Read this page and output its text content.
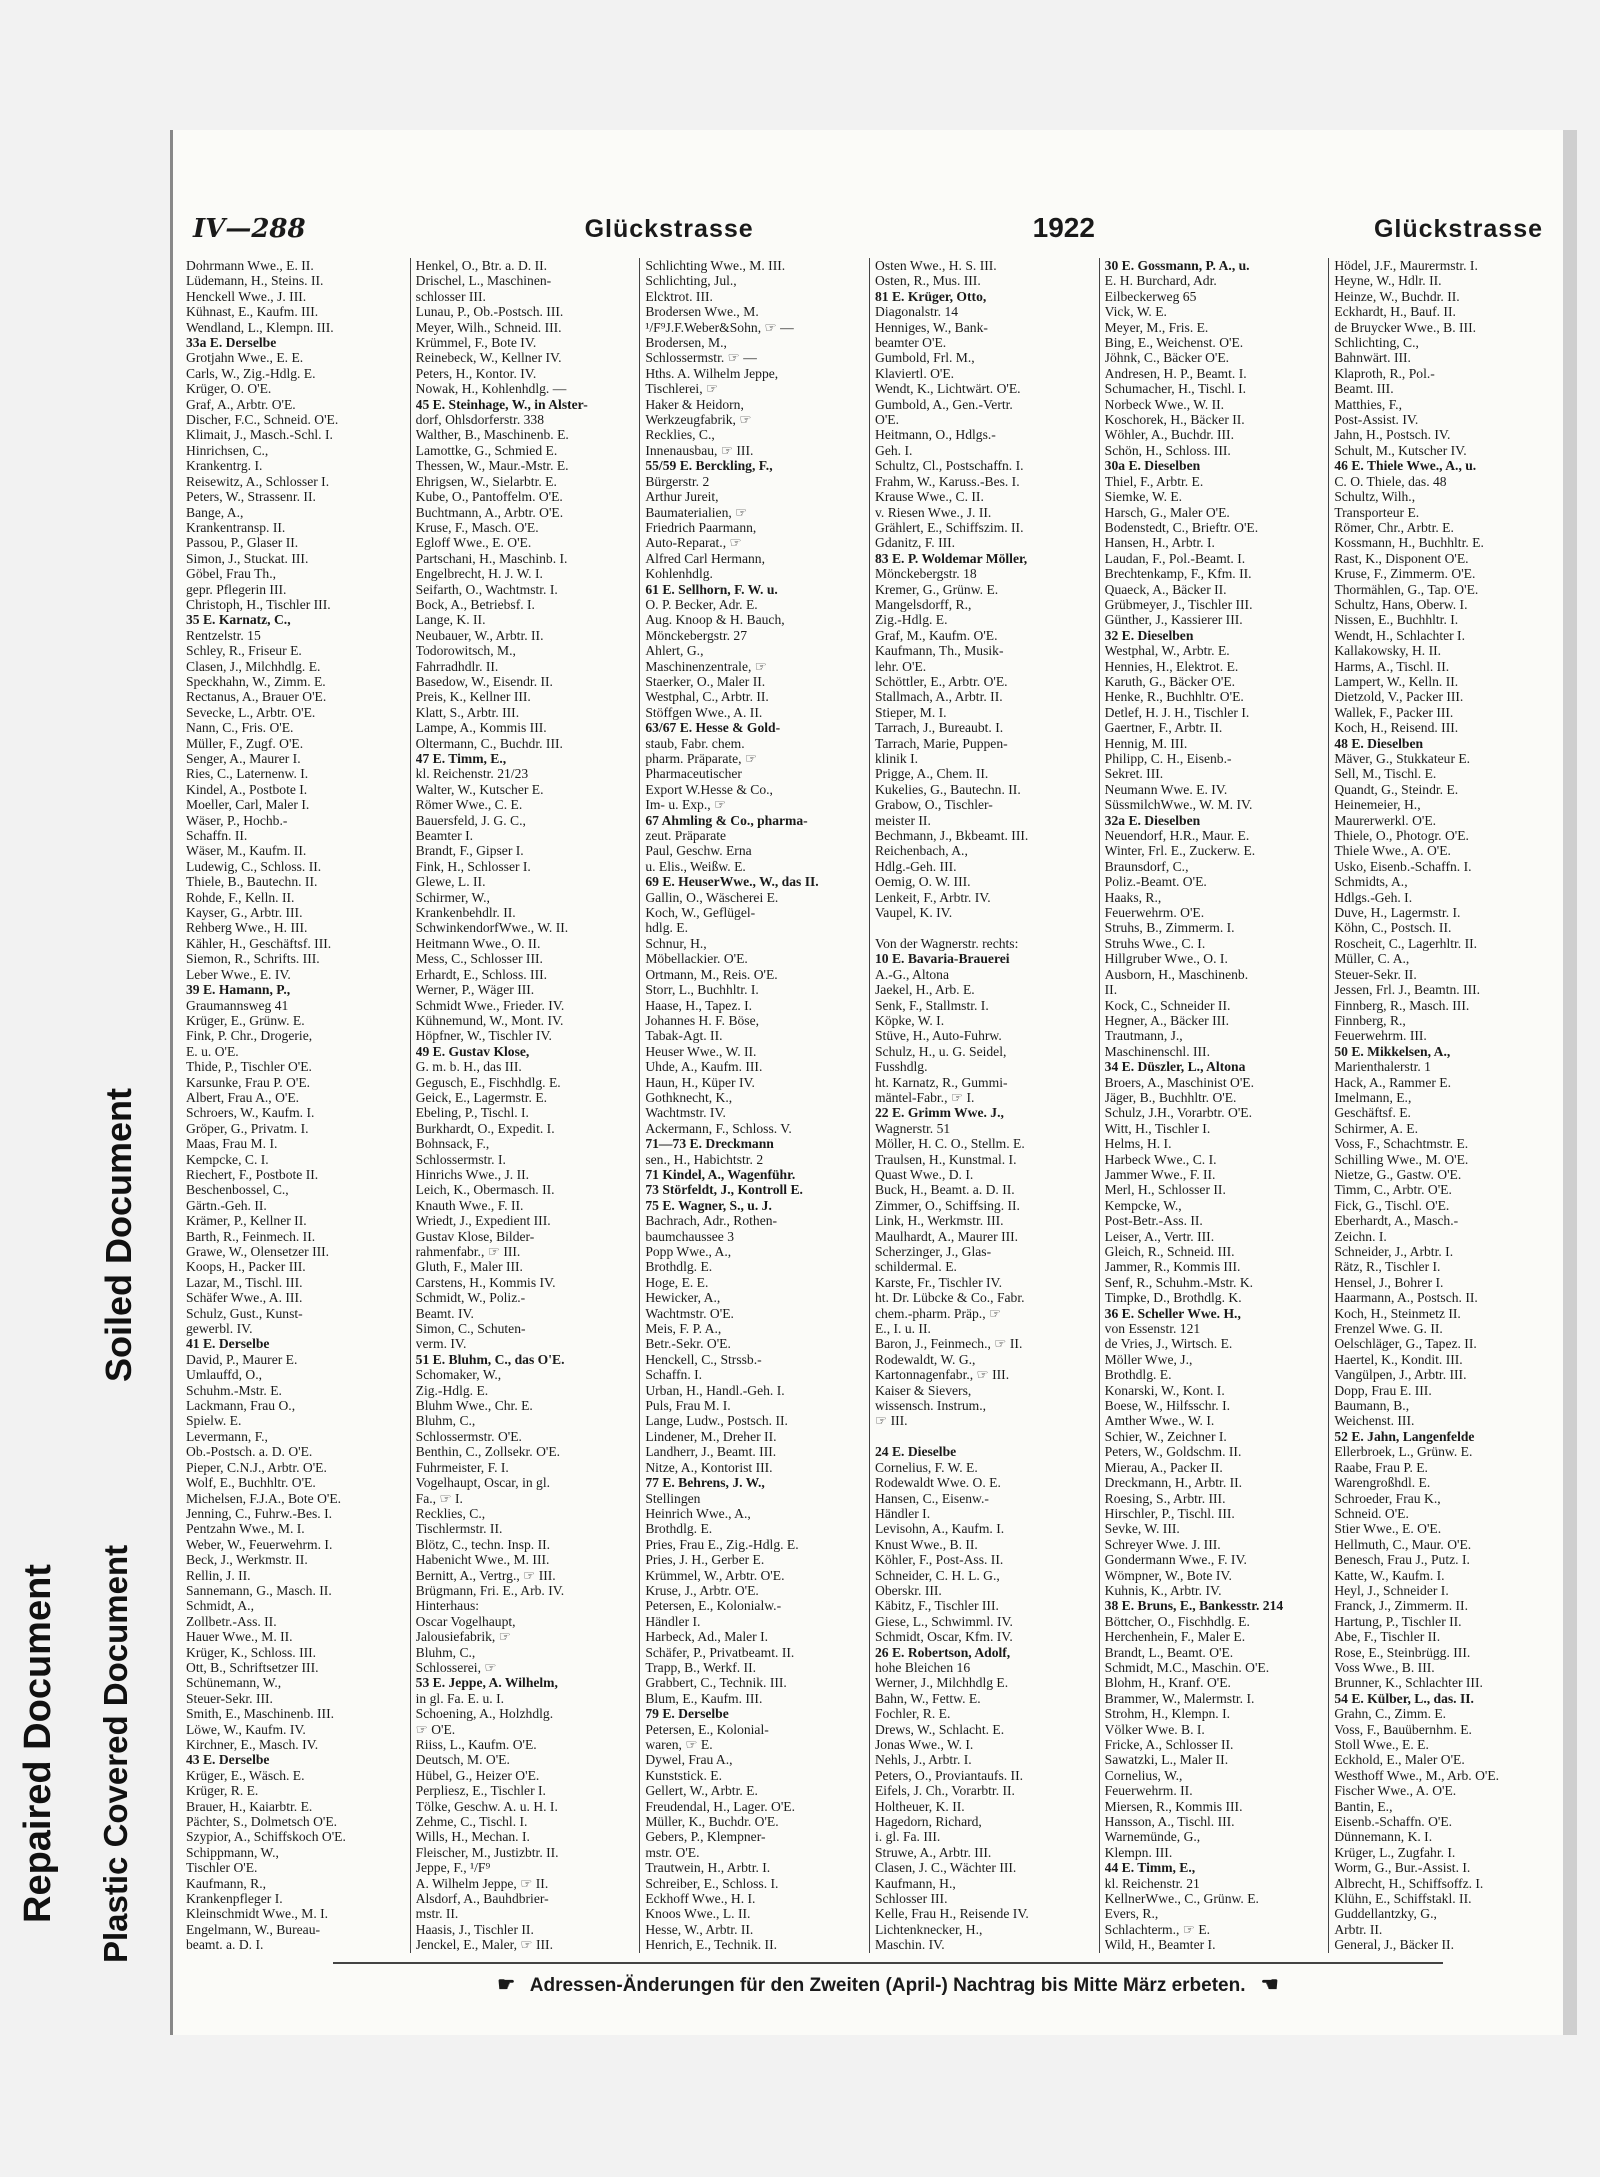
Repaired Document
Soiled Document
Plastic Covered Document
IV—288	Glückstrasse	1922	Glückstrasse
Dohrmann Wwe., E. II.
Lüdemann, H., Steins. II.
Henckell Wwe., J. III.
Kühnast, E., Kaufm. III.
Wendland, L., Klempn. III.
33a E. Derselbe
Grotjahn Wwe., E. E.
Carls, W., Zig.-Hdlg. E.
Krüger, O. O'E.
Graf, A., Arbtr. O'E.
Discher, F.C., Schneid. O'E.
Klimait, J., Masch.-Schl. I.
Hinrichsen, C.,
Krankentrg. I.
Reisewitz, A., Schlosser I.
Peters, W., Strassenr. II.
Bange, A.,
Krankentransp. II.
Passou, P., Glaser II.
Simon, J., Stuckat. III.
Göbel, Frau Th.,
gepr. Pflegerin III.
Christoph, H., Tischler III.
35 E. Karnatz, C.,
Rentzelstr. 15
Schley, R., Friseur E.
Clasen, J., Milchhdlg. E.
Speckhahn, W., Zimm. E.
Rectanus, A., Brauer O'E.
Sevecke, L., Arbtr. O'E.
Nann, C., Fris. O'E.
Müller, F., Zugf. O'E.
Senger, A., Maurer I.
Ries, C., Laternenw. I.
Kindel, A., Postbote I.
Moeller, Carl, Maler I.
Wäser, P., Hochb.-
Schaffn. II.
Wäser, M., Kaufm. II.
Ludewig, C., Schloss. II.
Thiele, B., Bautechn. II.
Rohde, F., Kelln. II.
Kayser, G., Arbtr. III.
Rehberg Wwe., H. III.
Kähler, H., Geschäftsf. III.
Siemon, R., Schrifts. III.
Leber Wwe., E. IV.
39 E. Hamann, P.,
Graumannsweg 41
Krüger, E., Grünw. E.
Fink, P. Chr., Drogerie,
E. u. O'E.
Thide, P., Tischler O'E.
Karsunke, Frau P. O'E.
Albert, Frau A., O'E.
Schroers, W., Kaufm. I.
Gröper, G., Privatm. I.
Maas, Frau M. I.
Kempcke, C. I.
Riechert, F., Postbote II.
Beschenbossel, C.,
Gärtn.-Geh. II.
Krämer, P., Kellner II.
Barth, R., Feinmech. II.
Grawe, W., Olensetzer III.
Koops, H., Packer III.
Lazar, M., Tischl. III.
Schäfer Wwe., A. III.
Schulz, Gust., Kunst-
gewerbl. IV.
41 E. Derselbe
David, P., Maurer E.
Umlauffd, O.,
Schuhm.-Mstr. E.
Lackmann, Frau O.,
Spielw. E.
Levermann, F.,
Ob.-Postsch. a. D. O'E.
Pieper, C.N.J., Arbtr. O'E.
Wolf, E., Buchhltr. O'E.
Michelsen, F.J.A., Bote O'E.
Jenning, C., Fuhrw.-Bes. I.
Pentzahn Wwe., M. I.
Weber, W., Feuerwehrm. I.
Beck, J., Werkmstr. II.
Rellin, J. II.
Sannemann, G., Masch. II.
Schmidt, A.,
Zollbetr.-Ass. II.
Hauer Wwe., M. II.
Krüger, K., Schloss. III.
Ott, B., Schriftsetzer III.
Schünemann, W.,
Steuer-Sekr. III.
Smith, E., Maschinenb. III.
Löwe, W., Kaufm. IV.
Kirchner, E., Masch. IV.
43 E. Derselbe
Krüger, E., Wäsch. E.
Krüger, R. E.
Brauer, H., Kaiarbtr. E.
Pächter, S., Dolmetsch O'E.
Szypior, A., Schiffskoch O'E.
Schippmann, W.,
Tischler O'E.
Kaufmann, R.,
Krankenpfleger I.
Kleinschmidt Wwe., M. I.
Engelmann, W., Bureau-
beamt. a. D. I.
Henkel, O., Btr. a. D. II.
Drischel, L., Maschinen-
schlosser III.
Lunau, P., Ob.-Postsch. III.
Meyer, Wilh., Schneid. III.
Krümmel, F., Bote IV.
Reinebeck, W., Kellner IV.
Peters, H., Kontor. IV.
Nowak, H., Kohlenhdlg. —
45 E. Steinhage, W., in Alster-
dorf, Ohlsdorferstr. 338
Walther, B., Maschinenb. E.
Lamottke, G., Schmied E.
Thessen, W., Maur.-Mstr. E.
Ehrigsen, W., Sielarbtr. E.
Kube, O., Pantoffelm. O'E.
Buchtmann, A., Arbtr. O'E.
Kruse, F., Masch. O'E.
Egloff Wwe., E. O'E.
Partschani, H., Maschinb. I.
Engelbrecht, H. J. W. I.
Seifarth, O., Wachtmstr. I.
Bock, A., Betriebsf. I.
Lange, K. II.
Neubauer, W., Arbtr. II.
Todorowitsch, M.,
Fahrradhdlr. II.
Basedow, W., Eisendr. II.
Preis, K., Kellner III.
Klatt, S., Arbtr. III.
Lampe, A., Kommis III.
Oltermann, C., Buchdr. III.
47 E. Timm, E.,
kl. Reichenstr. 21/23
Walter, W., Kutscher E.
Römer Wwe., C. E.
Bauersfeld, J. G. C.,
Beamter I.
Brandt, F., Gipser I.
Fink, H., Schlosser I.
Glewe, L. II.
Schirmer, W.,
Krankenbehdlr. II.
SchwinkendorfWwe., W. II.
Heitmann Wwe., O. II.
Mess, C., Schlosser III.
Erhardt, E., Schloss. III.
Werner, P., Wäger III.
Schmidt Wwe., Frieder. IV.
Kühnemund, W., Mont. IV.
Höpfner, W., Tischler IV.
49 E. Gustav Klose,
G. m. b. H., das III.
Gegusch, E., Fischhdlg. E.
Geick, E., Lagermstr. E.
Ebeling, P., Tischl. I.
Burkhardt, O., Expedit. I.
Bohnsack, F.,
Schlossermstr. I.
Hinrichs Wwe., J. II.
Leich, K., Obermasch. II.
Knauth Wwe., F. II.
Wriedt, J., Expedient III.
Gustav Klose, Bilder-
rahmenfabr., ☞ III.
Gluth, F., Maler III.
Carstens, H., Kommis IV.
Schmidt, W., Poliz.-
Beamt. IV.
Simon, C., Schuten-
verm. IV.
51 E. Bluhm, C., das O'E.
Schomaker, W.,
Zig.-Hdlg. E.
Bluhm Wwe., Chr. E.
Bluhm, C.,
Schlossermstr. O'E.
Benthin, C., Zollsekr. O'E.
Fuhrmeister, F. I.
Vogelhaupt, Oscar, in gl.
Fa., ☞ I.
Recklies, C.,
Tischlermstr. II.
Blötz, C., techn. Insp. II.
Habenicht Wwe., M. III.
Bernitt, A., Vertrg., ☞ III.
Brügmann, Fri. E., Arb. IV.
Hinterhaus:
Oscar Vogelhaupt,
Jalousiefabrik, ☞
Bluhm, C.,
Schlosserei, ☞
53 E. Jeppe, A. Wilhelm,
in gl. Fa. E. u. I.
Schoening, A., Holzhdlg.
☞ O'E.
Riiss, L., Kaufm. O'E.
Deutsch, M. O'E.
Hübel, G., Heizer O'E.
Perpliesz, E., Tischler I.
Tölke, Geschw. A. u. H. I.
Zehme, C., Tischl. I.
Wills, H., Mechan. I.
Fleischer, M., Justizbtr. II.
Jeppe, F., ¹/F⁹
A. Wilhelm Jeppe, ☞ II.
Alsdorf, A., Bauhdbrier-
mstr. II.
Haasis, J., Tischler II.
Jenckel, E., Maler, ☞ III.
Schlichting Wwe., M. III.
Schlichting, Jul.,
Elcktrot. III.
Brodersen Wwe., M.
¹/F⁹J.F.Weber&Sohn, ☞ —
Brodersen, M.,
Schlossermstr. ☞ —
Hths. A. Wilhelm Jeppe,
Tischlerei, ☞
Haker & Heidorn,
Werkzeugfabrik, ☞
Recklies, C.,
Innenausbau, ☞ III.
55/59 E. Berckling, F.,
Bürgerstr. 2
Arthur Jureit,
Baumaterialien, ☞
Friedrich Paarmann,
Auto-Reparat., ☞
Alfred Carl Hermann,
Kohlenhdlg.
61 E. Sellhorn, F. W. u.
O. P. Becker, Adr. E.
Aug. Knoop & H. Bauch,
Mönckebergstr. 27
Ahlert, G.,
Maschinenzentrale, ☞
Staerker, O., Maler II.
Westphal, C., Arbtr. II.
Stöffgen Wwe., A. II.
63/67 E. Hesse & Gold-
staub, Fabr. chem.
pharm. Präparate, ☞
Pharmaceutischer
Export W.Hesse & Co.,
Im- u. Exp., ☞
67 Ahmling & Co., pharma-
zeut. Präparate
Paul, Geschw. Erna
u. Elis., Weißw. E.
69 E. HeuserWwe., W., das II.
Gallin, O., Wäscherei E.
Koch, W., Geflügel-
hdlg. E.
Schnur, H.,
Möbellackier. O'E.
Ortmann, M., Reis. O'E.
Storr, L., Buchhltr. I.
Haase, H., Tapez. I.
Johannes H. F. Böse,
Tabak-Agt. II.
Heuser Wwe., W. II.
Uhde, A., Kaufm. III.
Haun, H., Küper IV.
Gothknecht, K.,
Wachtmstr. IV.
Ackermann, F., Schloss. V.
71—73 E. Dreckmann
sen., H., Habichtstr. 2
71 Kindel, A., Wagenführ.
73 Störfeldt, J., Kontroll E.
75 E. Wagner, S., u. J.
Bachrach, Adr., Rothen-
baumchaussee 3
Popp Wwe., A.,
Brothdlg. E.
Hoge, E. E.
Hewicker, A.,
Wachtmstr. O'E.
Meis, F. P. A.,
Betr.-Sekr. O'E.
Henckell, C., Strssb.-
Schaffn. I.
Urban, H., Handl.-Geh. I.
Puls, Frau M. I.
Lange, Ludw., Postsch. II.
Lindener, M., Dreher II.
Landherr, J., Beamt. III.
Nitze, A., Kontorist III.
77 E. Behrens, J. W.,
Stellingen
Heinrich Wwe., A.,
Brothdlg. E.
Pries, Frau E., Zig.-Hdlg. E.
Pries, J. H., Gerber E.
Krümmel, W., Arbtr. O'E.
Kruse, J., Arbtr. O'E.
Petersen, E., Kolonialw.-
Händler I.
Harbeck, Ad., Maler I.
Schäfer, P., Privatbeamt. II.
Trapp, B., Werkf. II.
Grabbert, C., Technik. III.
Blum, E., Kaufm. III.
79 E. Derselbe
Petersen, E., Kolonial-
waren, ☞ E.
Dywel, Frau A.,
Kunststick. E.
Gellert, W., Arbtr. E.
Freudendal, H., Lager. O'E.
Müller, K., Buchdr. O'E.
Gebers, P., Klempner-
mstr. O'E.
Trautwein, H., Arbtr. I.
Schreiber, E., Schloss. I.
Eckhoff Wwe., H. I.
Knoos Wwe., L. II.
Hesse, W., Arbtr. II.
Henrich, E., Technik. II.
Osten Wwe., H. S. III.
Osten, R., Mus. III.
81 E. Krüger, Otto,
Diagonalstr. 14
Henniges, W., Bank-
beamter O'E.
Gumbold, Frl. M.,
Klaviertl. O'E.
Wendt, K., Lichtwärt. O'E.
Gumbold, A., Gen.-Vertr.
O'E.
Heitmann, O., Hdlgs.-
Geh. I.
Schultz, Cl., Postschaffn. I.
Frahm, W., Karuss.-Bes. I.
Krause Wwe., C. II.
v. Riesen Wwe., J. II.
Grählert, E., Schiffszim. II.
Gdanitz, F. III.
83 E. P. Woldemar Möller,
Mönckebergstr. 18
Kremer, G., Grünw. E.
Mangelsdorff, R.,
Zig.-Hdlg. E.
Graf, M., Kaufm. O'E.
Kaufmann, Th., Musik-
lehr. O'E.
Schöttler, E., Arbtr. O'E.
Stallmach, A., Arbtr. II.
Stieper, M. I.
Tarrach, J., Bureaubt. I.
Tarrach, Marie, Puppen-
klinik I.
Prigge, A., Chem. II.
Kukelies, G., Bautechn. II.
Grabow, O., Tischler-
meister II.
Bechmann, J., Bkbeamt. III.
Reichenbach, A.,
Hdlg.-Geh. III.
Oemig, O. W. III.
Lenkeit, F., Arbtr. IV.
Vaupel, K. IV.

Von der Wagnerstr. rechts:
10 E. Bavaria-Brauerei
A.-G., Altona
Jaekel, H., Arb. E.
Senk, F., Stallmstr. I.
Köpke, W. I.
Stüve, H., Auto-Fuhrw.
Schulz, H., u. G. Seidel,
Fusshdlg.
ht. Karnatz, R., Gummi-
mäntel-Fabr., ☞ I.
22 E. Grimm Wwe. J.,
Wagnerstr. 51
Möller, H. C. O., Stellm. E.
Traulsen, H., Kunstmal. I.
Quast Wwe., D. I.
Buck, H., Beamt. a. D. II.
Zimmer, O., Schiffsing. II.
Link, H., Werkmstr. III.
Maulhardt, A., Maurer III.
Scherzinger, J., Glas-
schildermal. E.
Karste, Fr., Tischler IV.
ht. Dr. Lübcke & Co., Fabr.
chem.-pharm. Präp., ☞
E., I. u. II.
Baron, J., Feinmech., ☞ II.
Rodewaldt, W. G.,
Kartonnagenfabr., ☞ III.
Kaiser & Sievers,
wissensch. Instrum.,
☞ III.

24 E. Dieselbe
Cornelius, F. W. E.
Rodewaldt Wwe. O. E.
Hansen, C., Eisenw.-
Händler I.
Levisohn, A., Kaufm. I.
Knust Wwe., B. II.
Köhler, F., Post-Ass. II.
Schneider, C. H. L. G.,
Oberskr. III.
Käbitz, F., Tischler III.
Giese, L., Schwimml. IV.
Schmidt, Oscar, Kfm. IV.
26 E. Robertson, Adolf,
hohe Bleichen 16
Werner, J., Milchhdlg E.
Bahn, W., Fettw. E.
Fochler, R. E.
Drews, W., Schlacht. E.
Jonas Wwe., W. I.
Nehls, J., Arbtr. I.
Peters, O., Proviantaufs. II.
Eifels, J. Ch., Vorarbtr. II.
Holtheuer, K. II.
Hagedorn, Richard,
i. gl. Fa. III.
Struwe, A., Arbtr. III.
Clasen, J. C., Wächter III.
Kaufmann, H.,
Schlosser III.
Kelle, Frau H., Reisende IV.
Lichtenknecker, H.,
Maschin. IV.
30 E. Gossmann, P. A., u.
E. H. Burchard, Adr.
Eilbeckerweg 65
Vick, W. E.
Meyer, M., Fris. E.
Bing, E., Weichenst. O'E.
Jöhnk, C., Bäcker O'E.
Andresen, H. P., Beamt. I.
Schumacher, H., Tischl. I.
Norbeck Wwe., W. II.
Koschorek, H., Bäcker II.
Wöhler, A., Buchdr. III.
Schön, H., Schloss. III.
30a E. Dieselben
Thiel, F., Arbtr. E.
Siemke, W. E.
Harsch, G., Maler O'E.
Bodenstedt, C., Brieftr. O'E.
Hansen, H., Arbtr. I.
Laudan, F., Pol.-Beamt. I.
Brechtenkamp, F., Kfm. II.
Quaeck, A., Bäcker II.
Grübmeyer, J., Tischler III.
Günther, J., Kassierer III.
32 E. Dieselben
Westphal, W., Arbtr. E.
Hennies, H., Elektrot. E.
Karuth, G., Bäcker O'E.
Henke, R., Buchhltr. O'E.
Detlef, H. J. H., Tischler I.
Gaertner, F., Arbtr. II.
Hennig, M. III.
Philipp, C. H., Eisenb.-
Sekret. III.
Neumann Wwe. E. IV.
SüssmilchWwe., W. M. IV.
32a E. Dieselben
Neuendorf, H.R., Maur. E.
Winter, Frl. E., Zuckerw. E.
Braunsdorf, C.,
Poliz.-Beamt. O'E.
Haaks, R.,
Feuerwehrm. O'E.
Struhs, B., Zimmerm. I.
Struhs Wwe., C. I.
Hillgruber Wwe., O. I.
Ausborn, H., Maschinenb.
II.
Kock, C., Schneider II.
Hegner, A., Bäcker III.
Trautmann, J.,
Maschinenschl. III.
34 E. Düszler, L., Altona
Broers, A., Maschinist O'E.
Jäger, B., Buchhltr. O'E.
Schulz, J.H., Vorarbtr. O'E.
Witt, H., Tischler I.
Helms, H. I.
Harbeck Wwe., C. I.
Jammer Wwe., F. II.
Merl, H., Schlosser II.
Kempcke, W.,
Post-Betr.-Ass. II.
Leiser, A., Vertr. III.
Gleich, R., Schneid. III.
Jammer, R., Kommis III.
Senf, R., Schuhm.-Mstr. K.
Timpke, D., Brothdlg. K.
36 E. Scheller Wwe. H.,
von Essenstr. 121
de Vries, J., Wirtsch. E.
Möller Wwe, J.,
Brothdlg. E.
Konarski, W., Kont. I.
Boese, W., Hilfsschr. I.
Amther Wwe., W. I.
Schier, W., Zeichner I.
Peters, W., Goldschm. II.
Mierau, A., Packer II.
Dreckmann, H., Arbtr. II.
Roesing, S., Arbtr. III.
Hirschler, P., Tischl. III.
Sevke, W. III.
Schreyer Wwe. J. III.
Gondermann Wwe., F. IV.
Wömpner, W., Bote IV.
Kuhnis, K., Arbtr. IV.
38 E. Bruns, E., Bankesstr. 214
Böttcher, O., Fischhdlg. E.
Herchenhein, F., Maler E.
Brandt, L., Beamt. O'E.
Schmidt, M.C., Maschin. O'E.
Blohm, H., Kranf. O'E.
Brammer, W., Malermstr. I.
Strohm, H., Klempn. I.
Völker Wwe. B. I.
Fricke, A., Schlosser II.
Sawatzki, L., Maler II.
Cornelius, W.,
Feuerwehrm. II.
Miersen, R., Kommis III.
Hansson, A., Tischl. III.
Warnemünde, G.,
Klempn. III.
44 E. Timm, E.,
kl. Reichenstr. 21
KellnerWwe., C., Grünw. E.
Evers, R.,
Schlachterm., ☞ E.
Wild, H., Beamter I.
Hödel, J.F., Maurermstr. I.
Heyne, W., Hdlr. II.
Heinze, W., Buchdr. II.
Eckhardt, H., Bauf. II.
de Bruycker Wwe., B. III.
Schlichting, C.,
Bahnwärt. III.
Klaproth, R., Pol.-
Beamt. III.
Matthies, F.,
Post-Assist. IV.
Jahn, H., Postsch. IV.
Schult, M., Kutscher IV.
46 E. Thiele Wwe., A., u.
C. O. Thiele, das. 48
Schultz, Wilh.,
Transporteur E.
Römer, Chr., Arbtr. E.
Kossmann, H., Buchhltr. E.
Rast, K., Disponent O'E.
Kruse, F., Zimmerm. O'E.
Thormählen, G., Tap. O'E.
Schultz, Hans, Oberw. I.
Nissen, E., Buchhltr. I.
Wendt, H., Schlachter I.
Kallakowsky, H. II.
Harms, A., Tischl. II.
Lampert, W., Kelln. II.
Dietzold, V., Packer III.
Wallek, F., Packer III.
Koch, H., Reisend. III.
48 E. Dieselben
Mäver, G., Stukkateur E.
Sell, M., Tischl. E.
Quandt, G., Steindr. E.
Heinemeier, H.,
Maurerwerkl. O'E.
Thiele, O., Photogr. O'E.
Thiele Wwe., A. O'E.
Usko, Eisenb.-Schaffn. I.
Schmidts, A.,
Hdlgs.-Geh. I.
Duve, H., Lagermstr. I.
Köhn, C., Postsch. II.
Roscheit, C., Lagerhltr. II.
Müller, C. A.,
Steuer-Sekr. II.
Jessen, Frl. J., Beamtn. III.
Finnberg, R., Masch. III.
Finnberg, R.,
Feuerwehrm. III.
50 E. Mikkelsen, A.,
Marienthalerstr. 1
Hack, A., Rammer E.
Imelmann, E.,
Geschäftsf. E.
Schirmer, A. E.
Voss, F., Schachtmstr. E.
Schilling Wwe., M. O'E.
Nietze, G., Gastw. O'E.
Timm, C., Arbtr. O'E.
Fick, G., Tischl. O'E.
Eberhardt, A., Masch.-
Zeichn. I.
Schneider, J., Arbtr. I.
Rätz, R., Tischler I.
Hensel, J., Bohrer I.
Haarmann, A., Postsch. II.
Koch, H., Steinmetz II.
Frenzel Wwe. G. II.
Oelschläger, G., Tapez. II.
Haertel, K., Kondit. III.
Vangülpen, J., Arbtr. III.
Dopp, Frau E. III.
Baumann, B.,
Weichenst. III.
52 E. Jahn, Langenfelde
Ellerbroek, L., Grünw. E.
Raabe, Frau P. E.
Warengroßhdl. E.
Schroeder, Frau K.,
Schneid. O'E.
Stier Wwe., E. O'E.
Hellmuth, C., Maur. O'E.
Benesch, Frau J., Putz. I.
Katte, W., Kaufm. I.
Heyl, J., Schneider I.
Franck, J., Zimmerm. II.
Hartung, P., Tischler II.
Abe, F., Tischler II.
Rose, E., Steinbrügg. III.
Voss Wwe., B. III.
Brunner, K., Schlachter III.
54 E. Külber, L., das. II.
Grahn, C., Zimm. E.
Voss, F., Bauübernhm. E.
Stoll Wwe., E. E.
Eckhold, E., Maler O'E.
Westhoff Wwe., M., Arb. O'E.
Fischer Wwe., A. O'E.
Bantin, E.,
Eisenb.-Schaffn. O'E.
Dünnemann, K. I.
Krüger, L., Zugfahr. I.
Worm, G., Bur.-Assist. I.
Albrecht, H., Schiffsoffz. I.
Klühn, E., Schiffstakl. II.
Guddellantzky, G.,
Arbtr. II.
General, J., Bäcker II.
☛ Adressen-Änderungen für den Zweiten (April-) Nachtrag bis Mitte März erbeten. ☚
